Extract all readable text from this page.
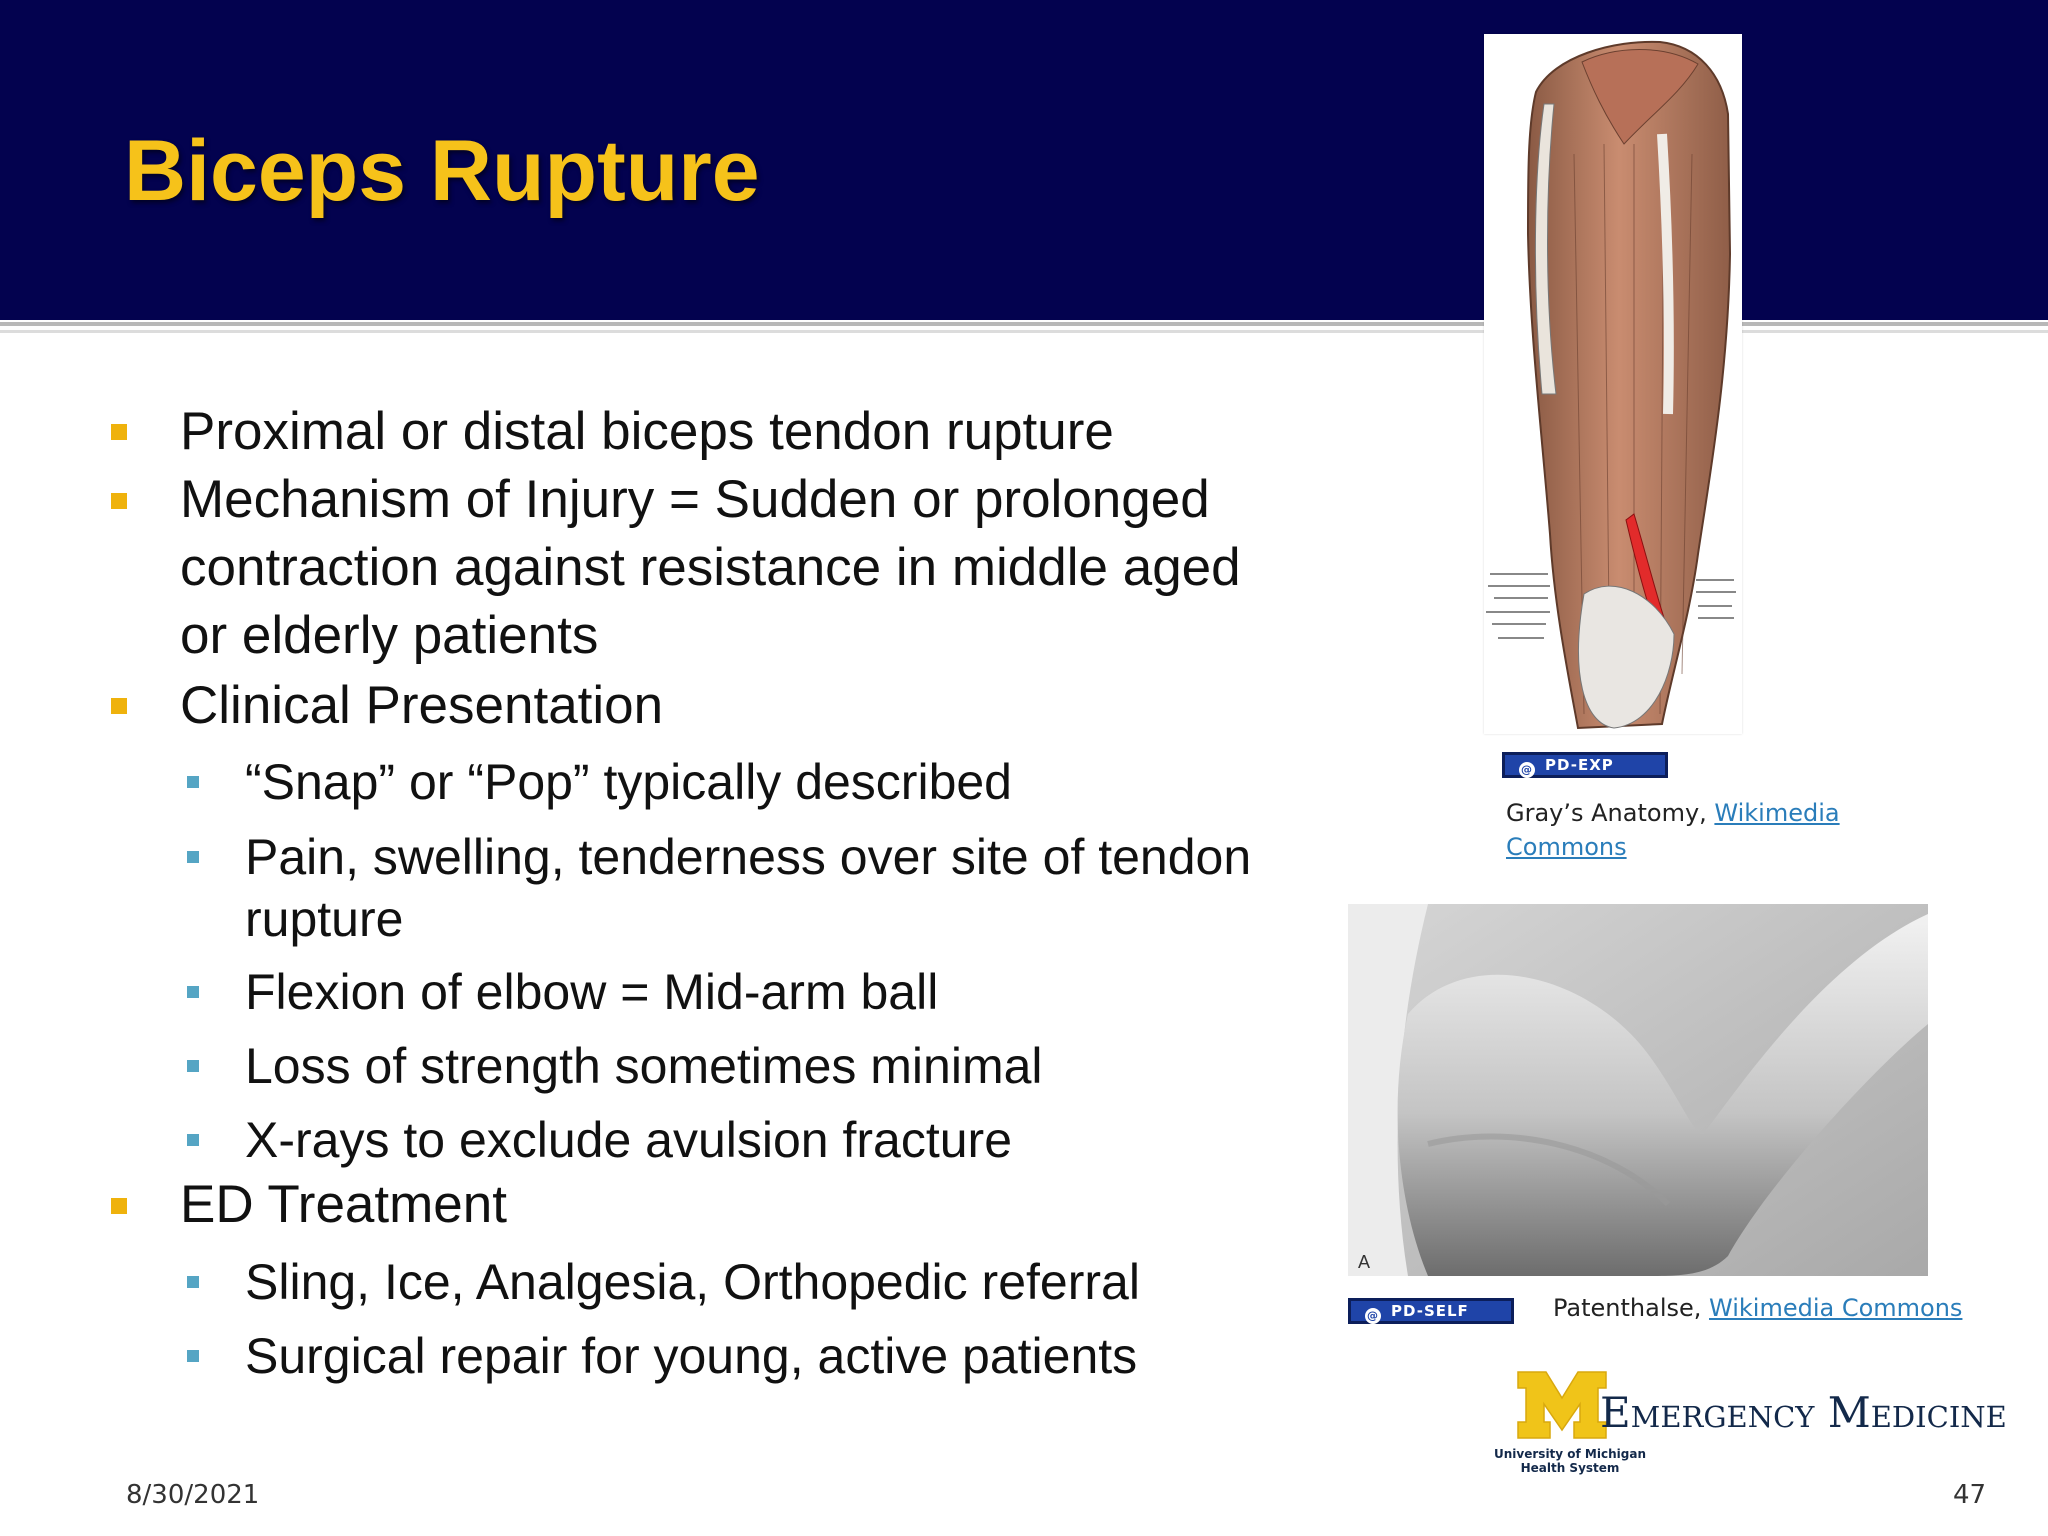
Biceps Rupture
Proximal or distal biceps tendon rupture
Mechanism of Injury = Sudden or prolonged
contraction against resistance in middle aged
or elderly patients
Clinical Presentation
“Snap” or “Pop” typically described
Pain, swelling, tenderness over site of tendon
rupture
Flexion of elbow = Mid-arm ball
Loss of strength sometimes minimal
X-rays to exclude avulsion fracture
ED Treatment
Sling, Ice, Analgesia, Orthopedic referral
Surgical repair for young, active patients
@ PD-EXP
Gray’s Anatomy, Wikimedia
Commons
A
@ PD-SELF	Patenthalse, Wikimedia Commons
Emergency Medicine
University of Michigan
Health System
8/30/2021	47
